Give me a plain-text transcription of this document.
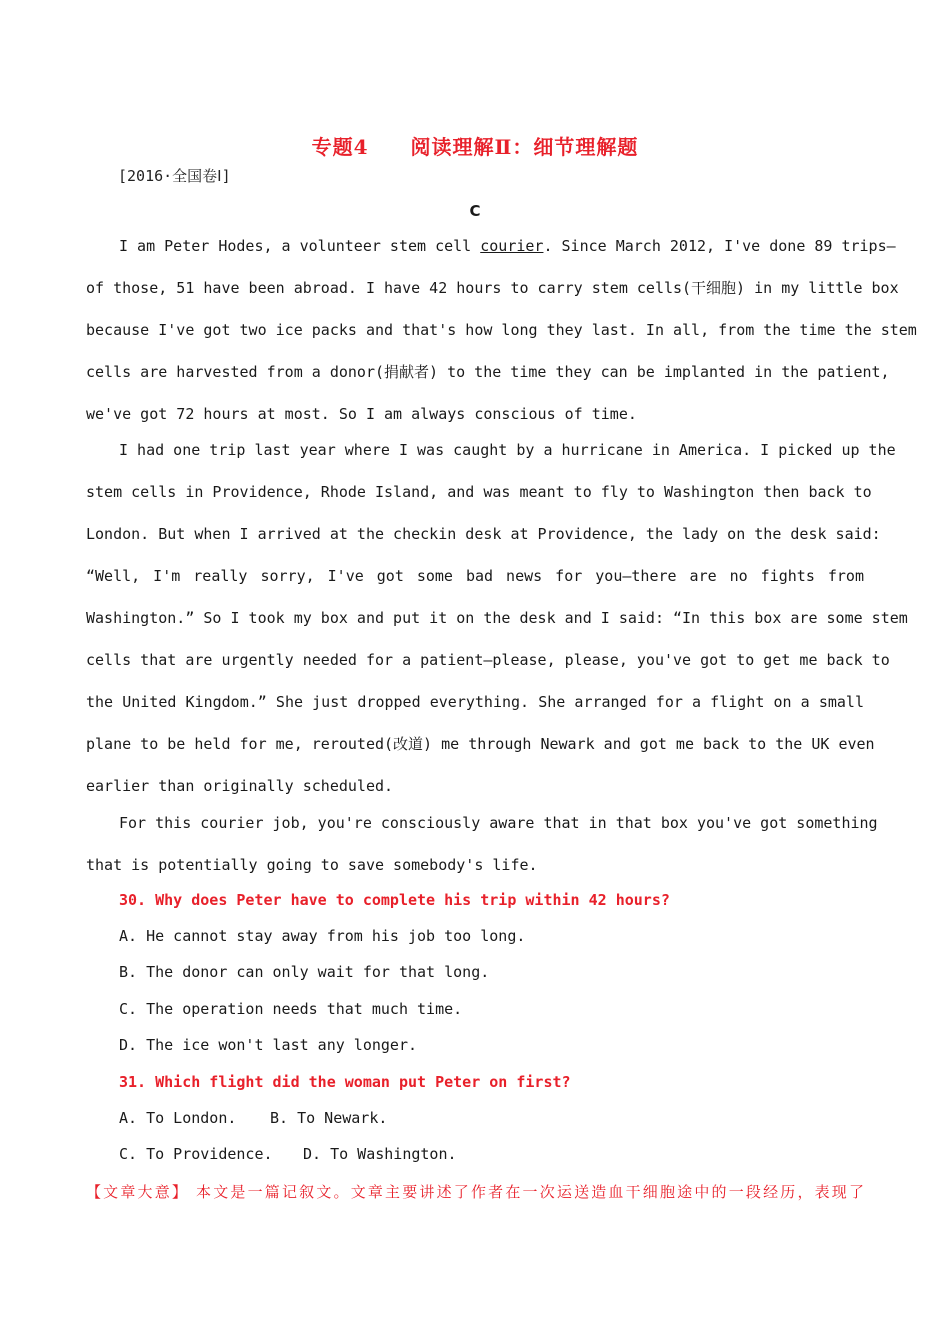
专题4　　阅读理解Ⅱ：细节理解题
[2016·全国卷Ⅰ]
C
I am Peter Hodes, a volunteer stem cell courier. Since March 2012, I've done 89 trips—
of those, 51 have been abroad. I have 42 hours to carry stem cells(干细胞) in my little box
because I've got two ice packs and that's how long they last. In all, from the time the stem
cells are harvested from a donor(捐献者) to the time they can be implanted in the patient,
we've got 72 hours at most. So I am always conscious of time.
I had one trip last year where I was caught by a hurricane in America. I picked up the
stem cells in Providence, Rhode Island, and was meant to fly to Washington then back to
London. But when I arrived at the checkin desk at Providence, the lady on the desk said:
“Well, I'm really sorry, I've got some bad news for you—there are no fights from
Washington.” So I took my box and put it on the desk and I said: “In this box are some stem
cells that are urgently needed for a patient—please, please, you've got to get me back to
the United Kingdom.” She just dropped everything. She arranged for a flight on a small
plane to be held for me, rerouted(改道) me through Newark and got me back to the UK even
earlier than originally scheduled.
For this courier job, you're consciously aware that in that box you've got something
that is potentially going to save somebody's life.
30. Why does Peter have to complete his trip within 42 hours?
A. He cannot stay away from his job too long.
B. The donor can only wait for that long.
C. The operation needs that much time.
D. The ice won't last any longer.
31. Which flight did the woman put Peter on first?
A. To London. B. To Newark.
C. To Providence. D. To Washington.
【文章大意】 本文是一篇记叙文。文章主要讲述了作者在一次运送造血干细胞途中的一段经历，表现了
